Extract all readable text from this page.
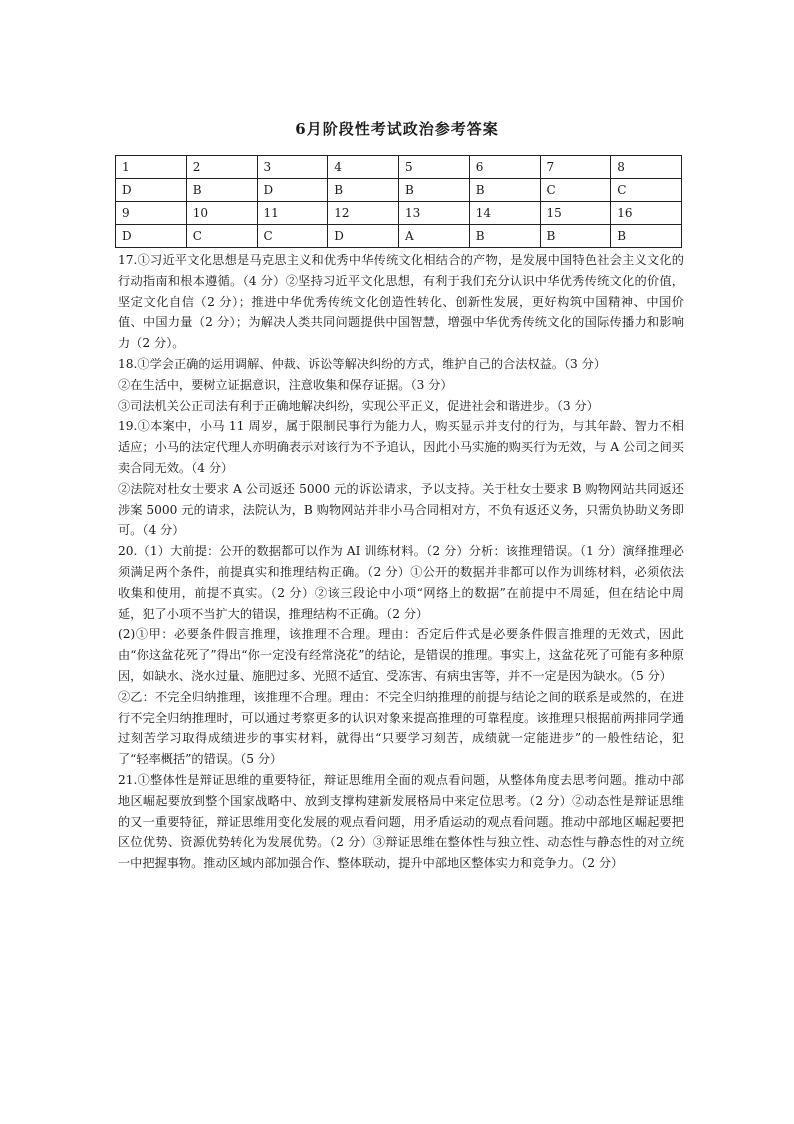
6月阶段性考试政治参考答案
1	2	3	4	5	6	7	8
D	B	D	B	B	B	C	C
9	10	11	12	13	14	15	16
D	C	C	D	A	B	B	B

17.①习近平文化思想是马克思主义和优秀中华传统文化相结合的产物，是发展中国特色社会主义文化的行动指南和根本遵循。（4 分）②坚持习近平文化思想，有利于我们充分认识中华优秀传统文化的价值，坚定文化自信（2 分）；推进中华优秀传统文化创造性转化、创新性发展，更好构筑中国精神、中国价值、中国力量（2 分）；为解决人类共同问题提供中国智慧，增强中华优秀传统文化的国际传播力和影响力（2 分）。

18.①学会正确的运用调解、仲裁、诉讼等解决纠纷的方式，维护自己的合法权益。（3 分）

②在生活中，要树立证据意识，注意收集和保存证据。（3 分）

③司法机关公正司法有利于正确地解决纠纷，实现公平正义，促进社会和谐进步。（3 分）

19.①本案中，小马 11 周岁，属于限制民事行为能力人，购买显示并支付的行为，与其年龄、智力不相适应；小马的法定代理人亦明确表示对该行为不予追认，因此小马实施的购买行为无效，与 A 公司之间买卖合同无效。（4 分）

②法院对杜女士要求 A 公司返还 5000 元的诉讼请求，予以支持。关于杜女士要求 B 购物网站共同返还涉案 5000 元的请求，法院认为，B 购物网站并非小马合同相对方，不负有返还义务，只需负协助义务即可。（4 分）

20.（1）大前提：公开的数据都可以作为 AI 训练材料。（2 分）分析：该推理错误。（1 分）演绎推理必须满足两个条件，前提真实和推理结构正确。（2 分）①公开的数据并非都可以作为训练材料，必须依法收集和使用，前提不真实。（2 分）②该三段论中小项“网络上的数据”在前提中不周延，但在结论中周延，犯了小项不当扩大的错误，推理结构不正确。（2 分）

(2)①甲：必要条件假言推理，该推理不合理。理由：否定后件式是必要条件假言推理的无效式，因此由“你这盆花死了”得出“你一定没有经常浇花”的结论，是错误的推理。事实上，这盆花死了可能有多种原因，如缺水、浇水过量、施肥过多、光照不适宜、受冻害、有病虫害等，并不一定是因为缺水。（5 分）

②乙：不完全归纳推理，该推理不合理。理由：不完全归纳推理的前提与结论之间的联系是或然的，在进行不完全归纳推理时，可以通过考察更多的认识对象来提高推理的可靠程度。该推理只根据前两排同学通过刻苦学习取得成绩进步的事实材料，就得出“只要学习刻苦，成绩就一定能进步”的一般性结论，犯了“轻率概括”的错误。（5 分）

21.①整体性是辩证思维的重要特征，辩证思维用全面的观点看问题，从整体角度去思考问题。推动中部地区崛起要放到整个国家战略中、放到支撑构建新发展格局中来定位思考。（2 分）②动态性是辩证思维的又一重要特征，辩证思维用变化发展的观点看问题，用矛盾运动的观点看问题。推动中部地区崛起要把区位优势、资源优势转化为发展优势。（2 分）③辩证思维在整体性与独立性、动态性与静态性的对立统一中把握事物。推动区域内部加强合作、整体联动，提升中部地区整体实力和竞争力。（2 分）
